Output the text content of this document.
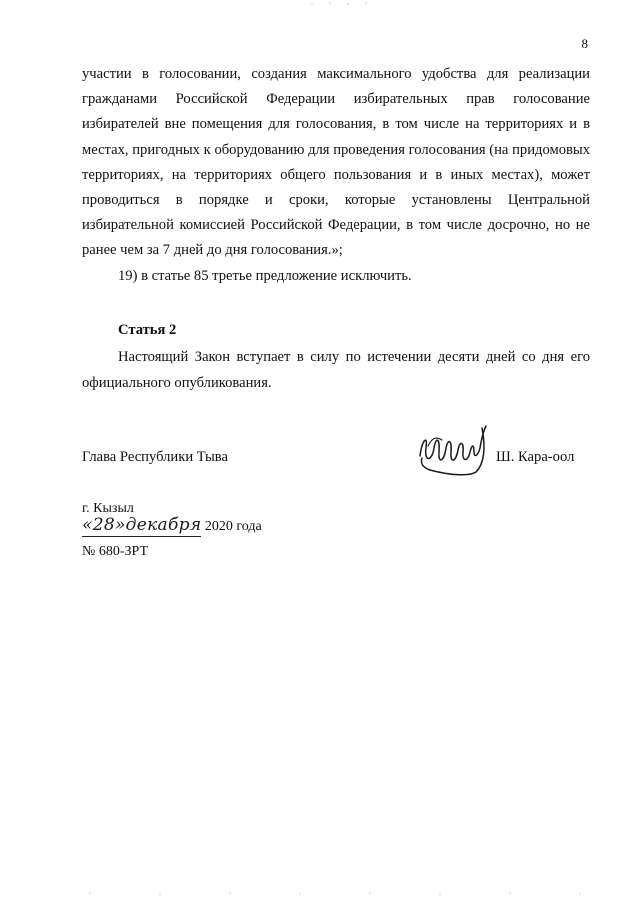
8

участии в голосовании, создания максимального удобства для реализации гражданами Российской Федерации избирательных прав голосование избирателей вне помещения для голосования, в том числе на территориях и в местах, пригодных к оборудованию для проведения голосования (на придомовых территориях, на территориях общего пользования и в иных местах), может проводиться в порядке и сроки, которые установлены Центральной избирательной комиссией Российской Федерации, в том числе досрочно, но не ранее чем за 7 дней до дня голосования.»;

19) в статье 85 третье предложение исключить.

Статья 2

Настоящий Закон вступает в силу по истечении десяти дней со дня его официального опубликования.

Глава Республики Тыва	Ш. Кара-оол
г. Кызыл
«28»декабря 2020 года
№ 680-ЗРТ
